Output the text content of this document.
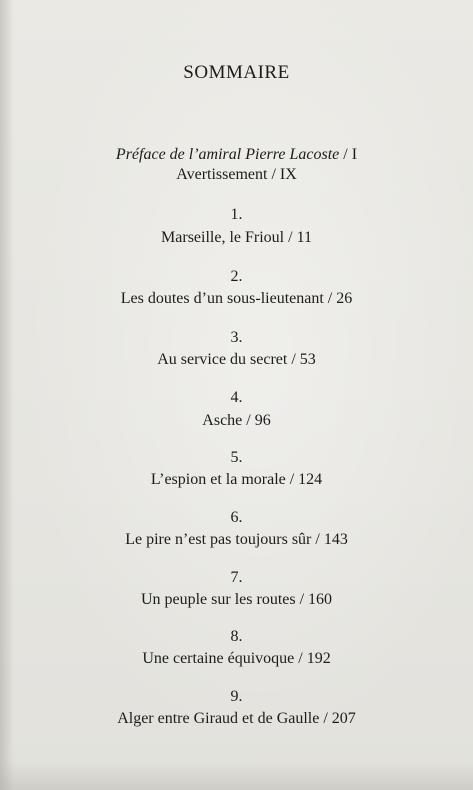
SOMMAIRE
Préface de l’amiral Pierre Lacoste / I
Avertissement / IX
1.
Marseille, le Frioul / 11
2.
Les doutes d’un sous-lieutenant / 26
3.
Au service du secret / 53
4.
Asche / 96
5.
L’espion et la morale / 124
6.
Le pire n’est pas toujours sûr / 143
7.
Un peuple sur les routes / 160
8.
Une certaine équivoque / 192
9.
Alger entre Giraud et de Gaulle / 207
